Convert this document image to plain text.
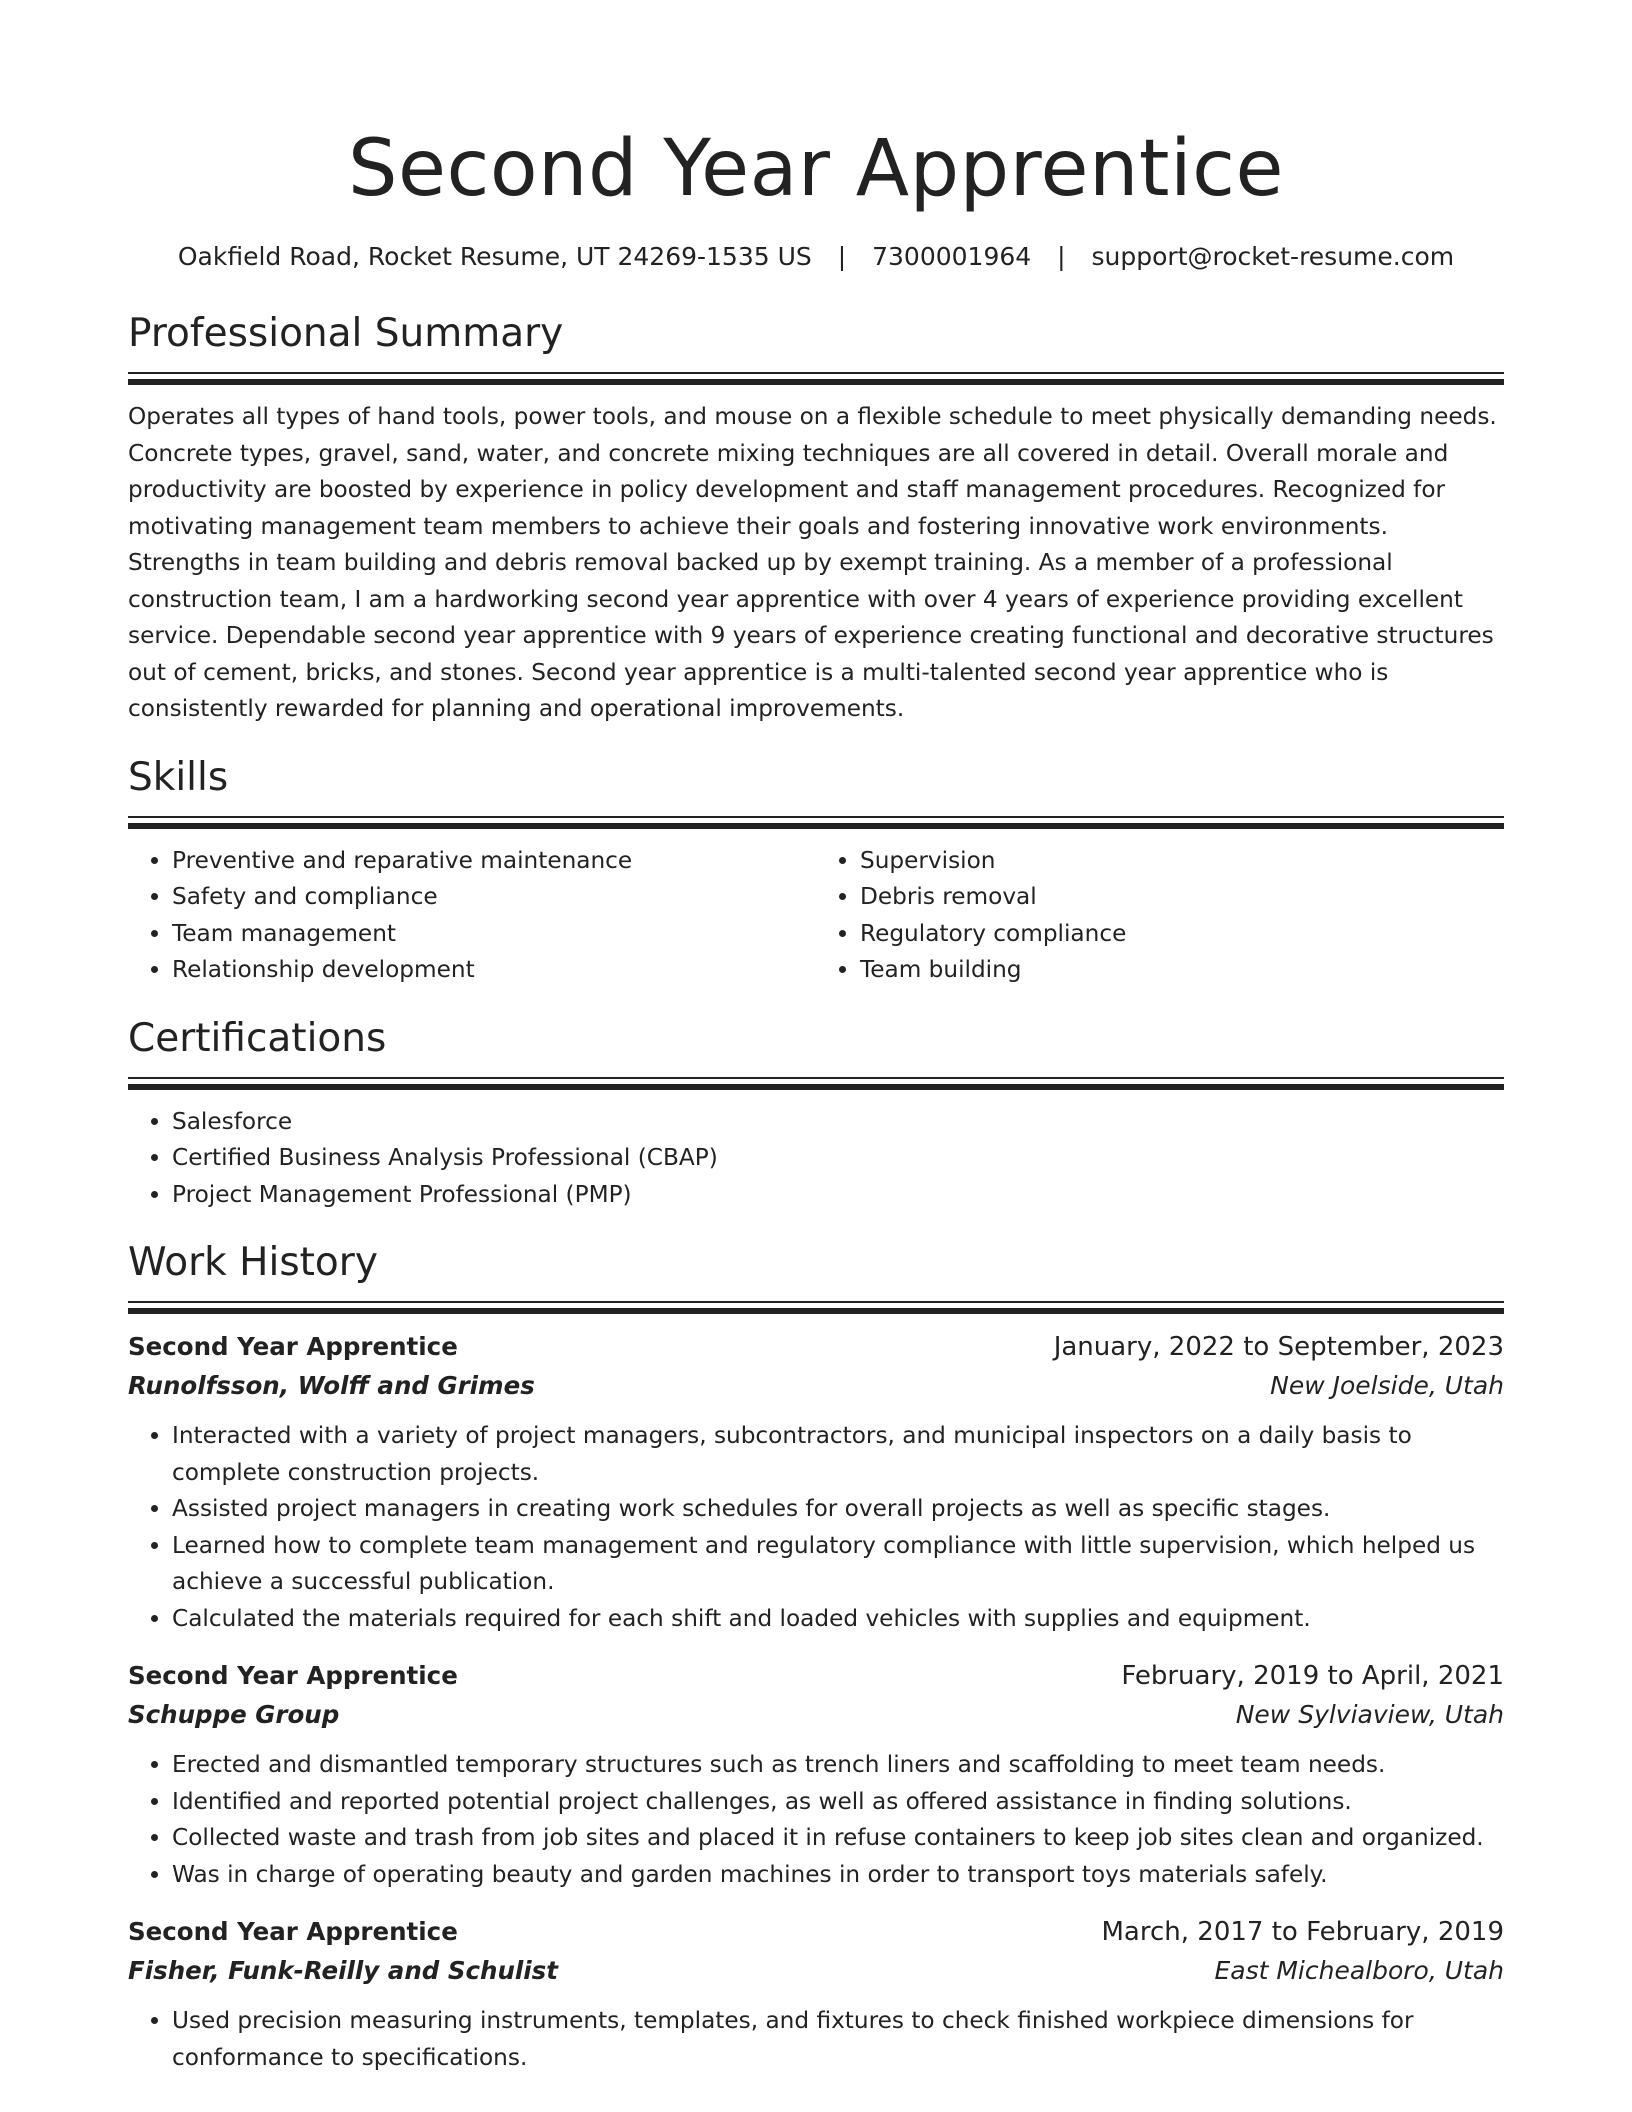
Second Year Apprentice
Oakfield Road, Rocket Resume, UT 24269-1535 US | 7300001964 | support@rocket-resume.com
Professional Summary

Operates all types of hand tools, power tools, and mouse on a flexible schedule to meet physically demanding needs. Concrete types, gravel, sand, water, and concrete mixing techniques are all covered in detail. Overall morale and productivity are boosted by experience in policy development and staff management procedures. Recognized for motivating management team members to achieve their goals and fostering innovative work environments. Strengths in team building and debris removal backed up by exempt training. As a member of a professional construction team, I am a hardworking second year apprentice with over 4 years of experience providing excellent service. Dependable second year apprentice with 9 years of experience creating functional and decorative structures out of cement, bricks, and stones. Second year apprentice is a multi-talented second year apprentice who is consistently rewarded for planning and operational improvements.

Skills
• Preventive and reparative maintenance
• Safety and compliance
• Team management
• Relationship development
• Supervision
• Debris removal
• Regulatory compliance
• Team building
Certifications
• Salesforce
• Certified Business Analysis Professional (CBAP)
• Project Management Professional (PMP)
Work History
Second Year Apprentice	January, 2022 to September, 2023
Runolfsson, Wolff and Grimes	New Joelside, Utah
• Interacted with a variety of project managers, subcontractors, and municipal inspectors on a daily basis to complete construction projects.
• Assisted project managers in creating work schedules for overall projects as well as specific stages.
• Learned how to complete team management and regulatory compliance with little supervision, which helped us achieve a successful publication.
• Calculated the materials required for each shift and loaded vehicles with supplies and equipment.
Second Year Apprentice	February, 2019 to April, 2021
Schuppe Group	New Sylviaview, Utah
• Erected and dismantled temporary structures such as trench liners and scaffolding to meet team needs.
• Identified and reported potential project challenges, as well as offered assistance in finding solutions.
• Collected waste and trash from job sites and placed it in refuse containers to keep job sites clean and organized.
• Was in charge of operating beauty and garden machines in order to transport toys materials safely.
Second Year Apprentice	March, 2017 to February, 2019
Fisher, Funk-Reilly and Schulist	East Michealboro, Utah
• Used precision measuring instruments, templates, and fixtures to check finished workpiece dimensions for conformance to specifications.
